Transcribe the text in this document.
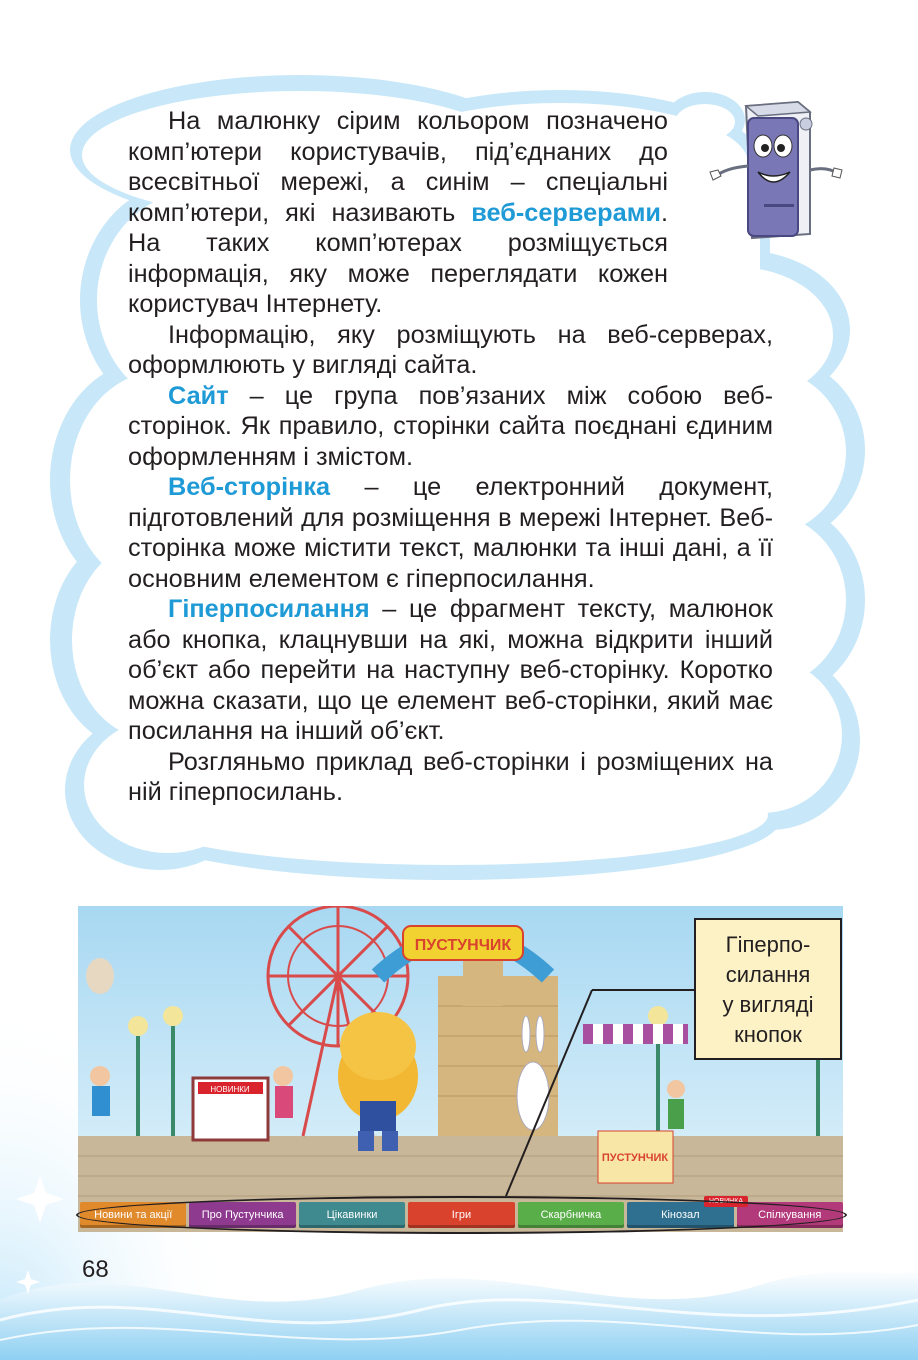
На малюнку сірим кольором позначено комп’ютери користувачів, під’єднаних до всесвітньої мережі, а синім – спеціальні комп’ютери, які називають веб-серверами. На таких комп’ютерах розміщується інформація, яку може переглядати кожен користувач Інтернету.

Інформацію, яку розміщують на веб-серверах, оформлюють у вигляді сайта.

Сайт – це група пов’язаних між собою веб-сторінок. Як правило, сторінки сайта поєднані єдиним оформленням і змістом.

Веб-сторінка – це електронний документ, підготовлений для розміщення в мережі Інтернет. Веб-сторінка може містити текст, малюнки та інші дані, а її основним елементом є гіперпосилання.

Гіперпосилання – це фрагмент тексту, малюнок або кнопка, клацнувши на які, можна відкрити інший об’єкт або перейти на наступну веб-сторінку. Коротко можна сказати, що це елемент веб-сторінки, який має посилання на інший об’єкт.

Розгляньмо приклад веб-сторінки і розміщених на ній гіперпосилань.

ПУСТУНЧИК
НОВИНКИ
ПУСТУНЧИК
Гіперпо-
силання
у вигляді
кнопок
Новини та акції	Про Пустунчика	Цікавинки	Ігри	Скарбничка	Кінозал	Спілкування
НОВИНКА
68
